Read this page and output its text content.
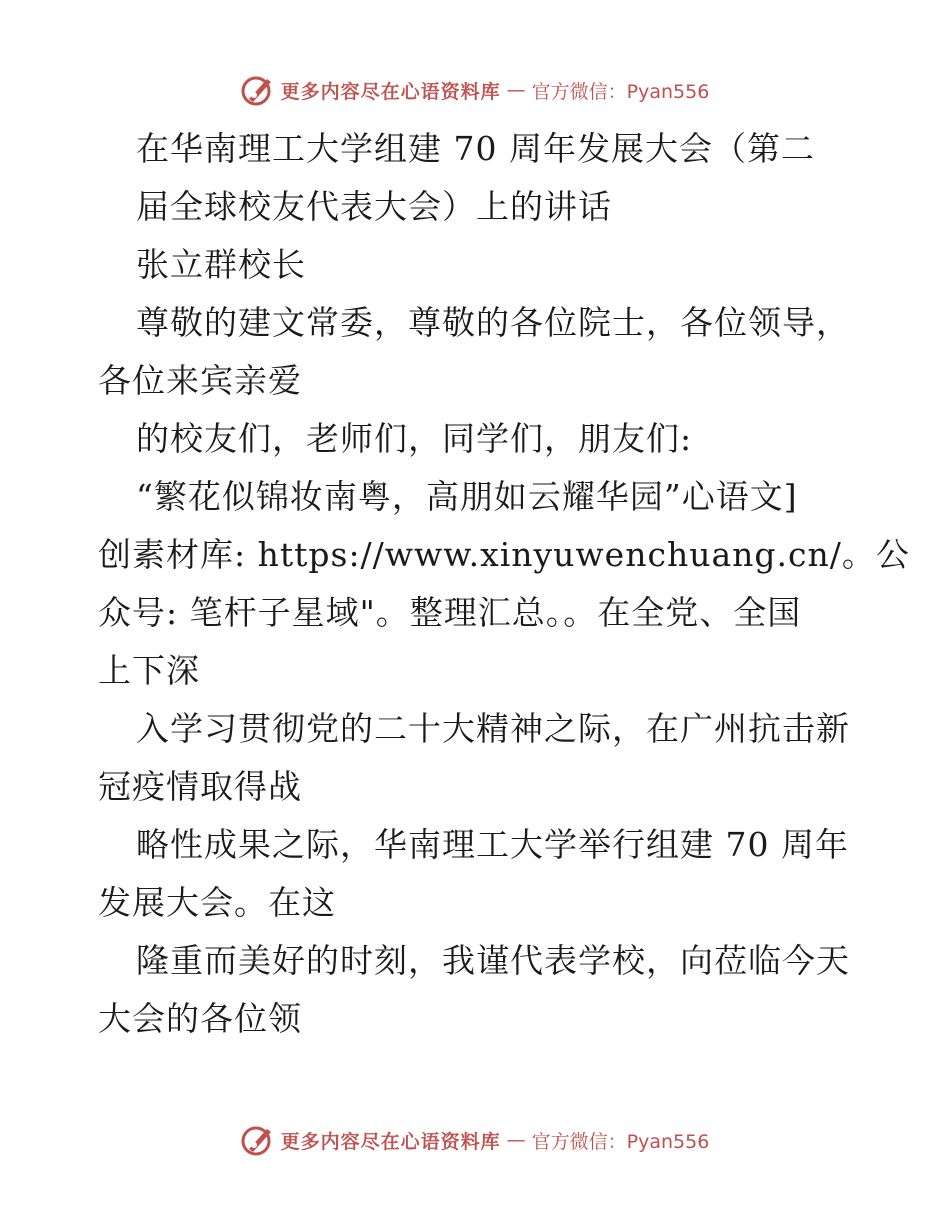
更多内容尽在心语资料库 — 官方微信：Pyan556
在华南理工大学组建 70 周年发展大会（第二
届全球校友代表大会）上的讲话
张立群校长
尊敬的建文常委，尊敬的各位院士，各位领导，
各位来宾亲爱
的校友们，老师们，同学们，朋友们:
“繁花似锦妆南粤，高朋如云耀华园”心语文]
创素材库: https://www.xinyuwenchuang.cn/。公
众号: 笔杆子星域"。整理汇总。。在全党、全国
上下深
入学习贯彻党的二十大精神之际，在广州抗击新
冠疫情取得战
略性成果之际，华南理工大学举行组建 70 周年
发展大会。在这
隆重而美好的时刻，我谨代表学校，向莅临今天
大会的各位领
更多内容尽在心语资料库 — 官方微信：Pyan556
